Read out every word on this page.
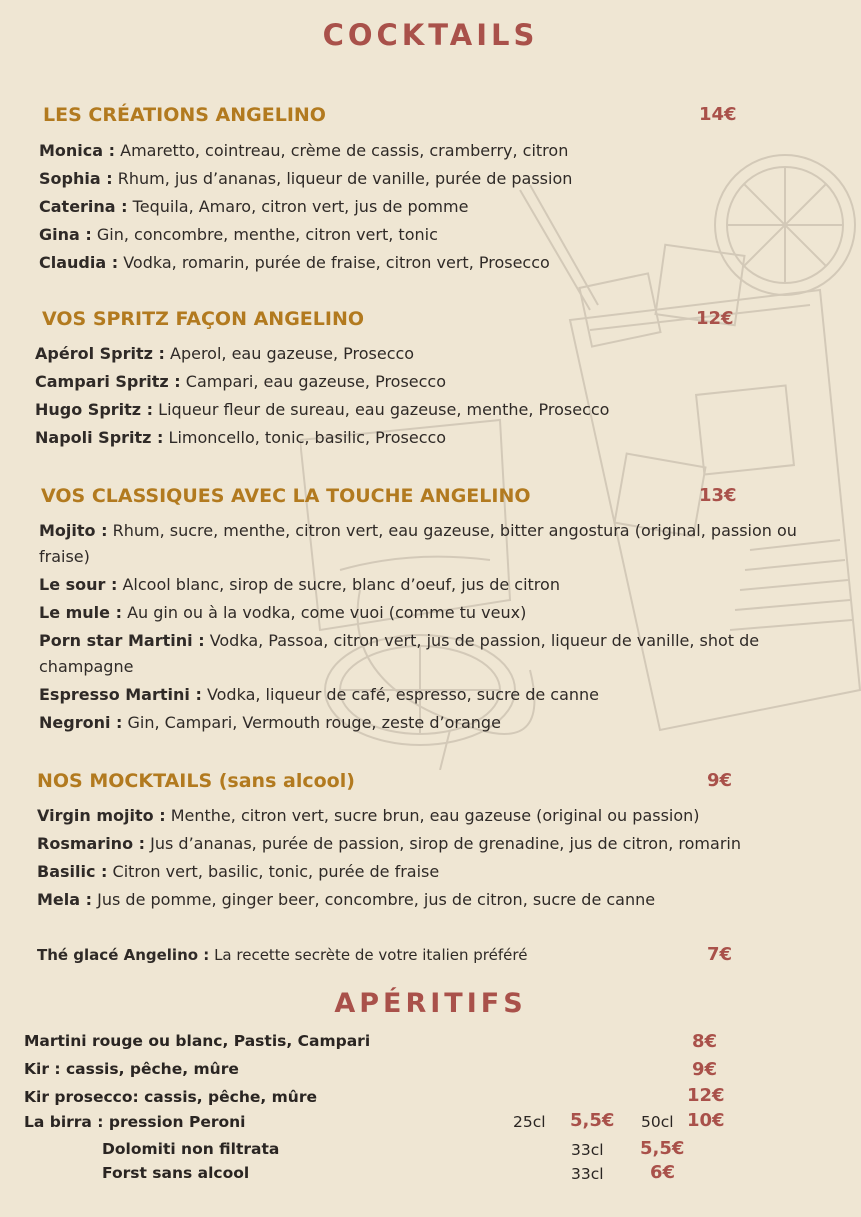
COCKTAILS
LES CRÉATIONS ANGELINO	14€
Monica : Amaretto, cointreau, crème de cassis, cramberry, citron
Sophia : Rhum, jus d’ananas, liqueur de vanille, purée de passion
Caterina : Tequila, Amaro, citron vert, jus de pomme
Gina : Gin, concombre, menthe, citron vert, tonic
Claudia : Vodka, romarin, purée de fraise, citron vert, Prosecco
VOS SPRITZ FAÇON ANGELINO	12€
Apérol Spritz : Aperol, eau gazeuse, Prosecco
Campari Spritz : Campari, eau gazeuse, Prosecco
Hugo Spritz : Liqueur fleur de sureau, eau gazeuse, menthe, Prosecco
Napoli Spritz : Limoncello, tonic, basilic, Prosecco
VOS CLASSIQUES AVEC LA TOUCHE ANGELINO	13€
Mojito : Rhum, sucre, menthe, citron vert, eau gazeuse, bitter angostura (original, passion ou fraise)
Le sour : Alcool blanc, sirop de sucre, blanc d’oeuf, jus de citron
Le mule : Au gin ou à la vodka, come vuoi (comme tu veux)
Porn star Martini : Vodka, Passoa, citron vert, jus de passion, liqueur de vanille, shot de champagne
Espresso Martini : Vodka, liqueur de café, espresso, sucre de canne
Negroni : Gin, Campari, Vermouth rouge, zeste d’orange
NOS MOCKTAILS (sans alcool)	9€
Virgin mojito : Menthe, citron vert, sucre brun, eau gazeuse (original ou passion)
Rosmarino : Jus d’ananas, purée de passion, sirop de grenadine, jus de citron, romarin
Basilic : Citron vert, basilic, tonic, purée de fraise
Mela : Jus de pomme, ginger beer, concombre, jus de citron, sucre de canne
Thé glacé Angelino : La recette secrète de votre italien préféré	7€
APÉRITIFS
Martini rouge ou blanc, Pastis, Campari	8€
Kir : cassis, pêche, mûre	9€
Kir prosecco: cassis, pêche, mûre	12€
La birra : pression Peroni	25cl 5,5€ 50cl 10€
Dolomiti non filtrata	33cl 5,5€
Forst sans alcool	33cl	6€
